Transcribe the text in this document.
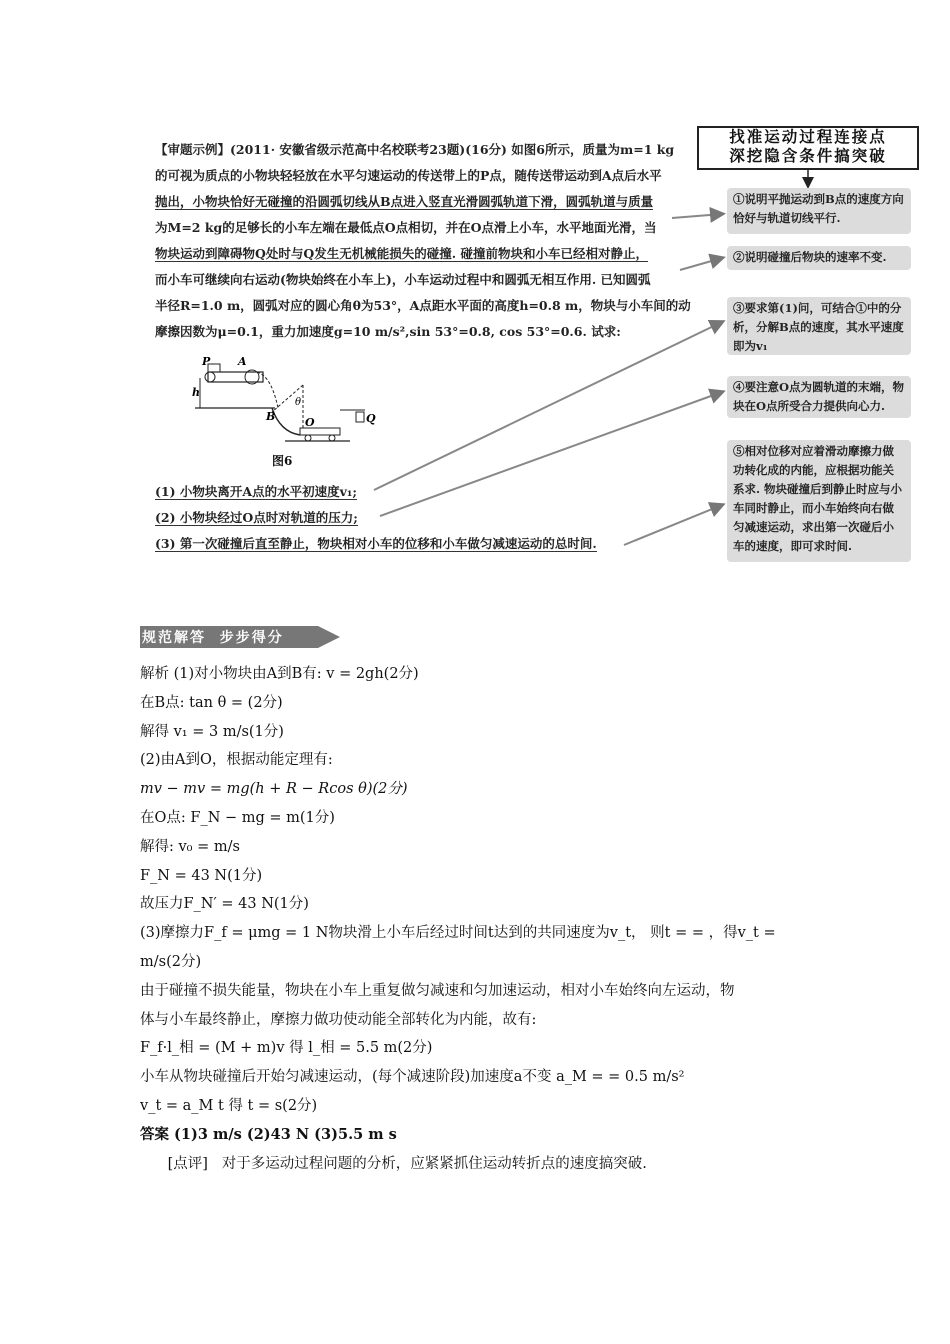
【审题示例】(2011· 安徽省级示范高中名校联考23题)(16分) 如图6所示，质量为m=1 kg

的可视为质点的小物块轻轻放在水平匀速运动的传送带上的P点，随传送带运动到A点后水平

抛出，小物块恰好无碰撞的沿圆弧切线从B点进入竖直光滑圆弧轨道下滑，圆弧轨道与质量

为M=2 kg的足够长的小车左端在最低点O点相切，并在O点滑上小车，水平地面光滑，当

物块运动到障碍物Q处时与Q发生无机械能损失的碰撞. 碰撞前物块和小车已经相对静止，

而小车可继续向右运动(物块始终在小车上)，小车运动过程中和圆弧无相互作用. 已知圆弧

半径R=1.0 m，圆弧对应的圆心角θ为53°，A点距水平面的高度h=0.8 m，物块与小车间的动

摩擦因数为μ=0.1，重力加速度g=10 m/s²,sin 53°=0.8, cos 53°=0.6. 试求:

P	A
h
B
θ
O	Q
图6
(1) 小物块离开A点的水平初速度v₁;
(2) 小物块经过O点时对轨道的压力;
(3) 第一次碰撞后直至静止，物块相对小车的位移和小车做匀减速运动的总时间.
找准运动过程连接点
深挖隐含条件搞突破
①说明平抛运动到B点的速度方向恰好与轨道切线平行.
②说明碰撞后物块的速率不变.
③要求第(1)问，可结合①中的分析，分解B点的速度，其水平速度即为v₁
④要注意O点为圆轨道的末端，物块在O点所受合力提供向心力.
⑤相对位移对应着滑动摩擦力做功转化成的内能，应根据功能关系求. 物块碰撞后到静止时应与小车同时静止，而小车始终向右做匀减速运动，求出第一次碰后小车的速度，即可求时间.
规范解答  步步得分
解析 (1)对小物块由A到B有: v = 2gh(2分)
在B点: tan θ = (2分)
解得 v₁ = 3 m/s(1分)
(2)由A到O，根据动能定理有:
mv − mv = mg(h + R − Rcos θ)(2分)
在O点: F_N − mg = m(1分)
解得: v₀ = m/s
F_N = 43 N(1分)
故压力F_N′ = 43 N(1分)
(3)摩擦力F_f = μmg = 1 N物块滑上小车后经过时间t达到的共同速度为v_t， 则t = = ，得v_t =
m/s(2分)
由于碰撞不损失能量，物块在小车上重复做匀减速和匀加速运动，相对小车始终向左运动，物
体与小车最终静止，摩擦力做功使动能全部转化为内能，故有:
F_f·l_相 = (M + m)v 得 l_相 = 5.5 m(2分)
小车从物块碰撞后开始匀减速运动，(每个减速阶段)加速度a不变 a_M = = 0.5 m/s²
v_t = a_M t 得 t = s(2分)
答案 (1)3 m/s (2)43 N (3)5.5 m s
[点评]   对于多运动过程问题的分析，应紧紧抓住运动转折点的速度搞突破.
